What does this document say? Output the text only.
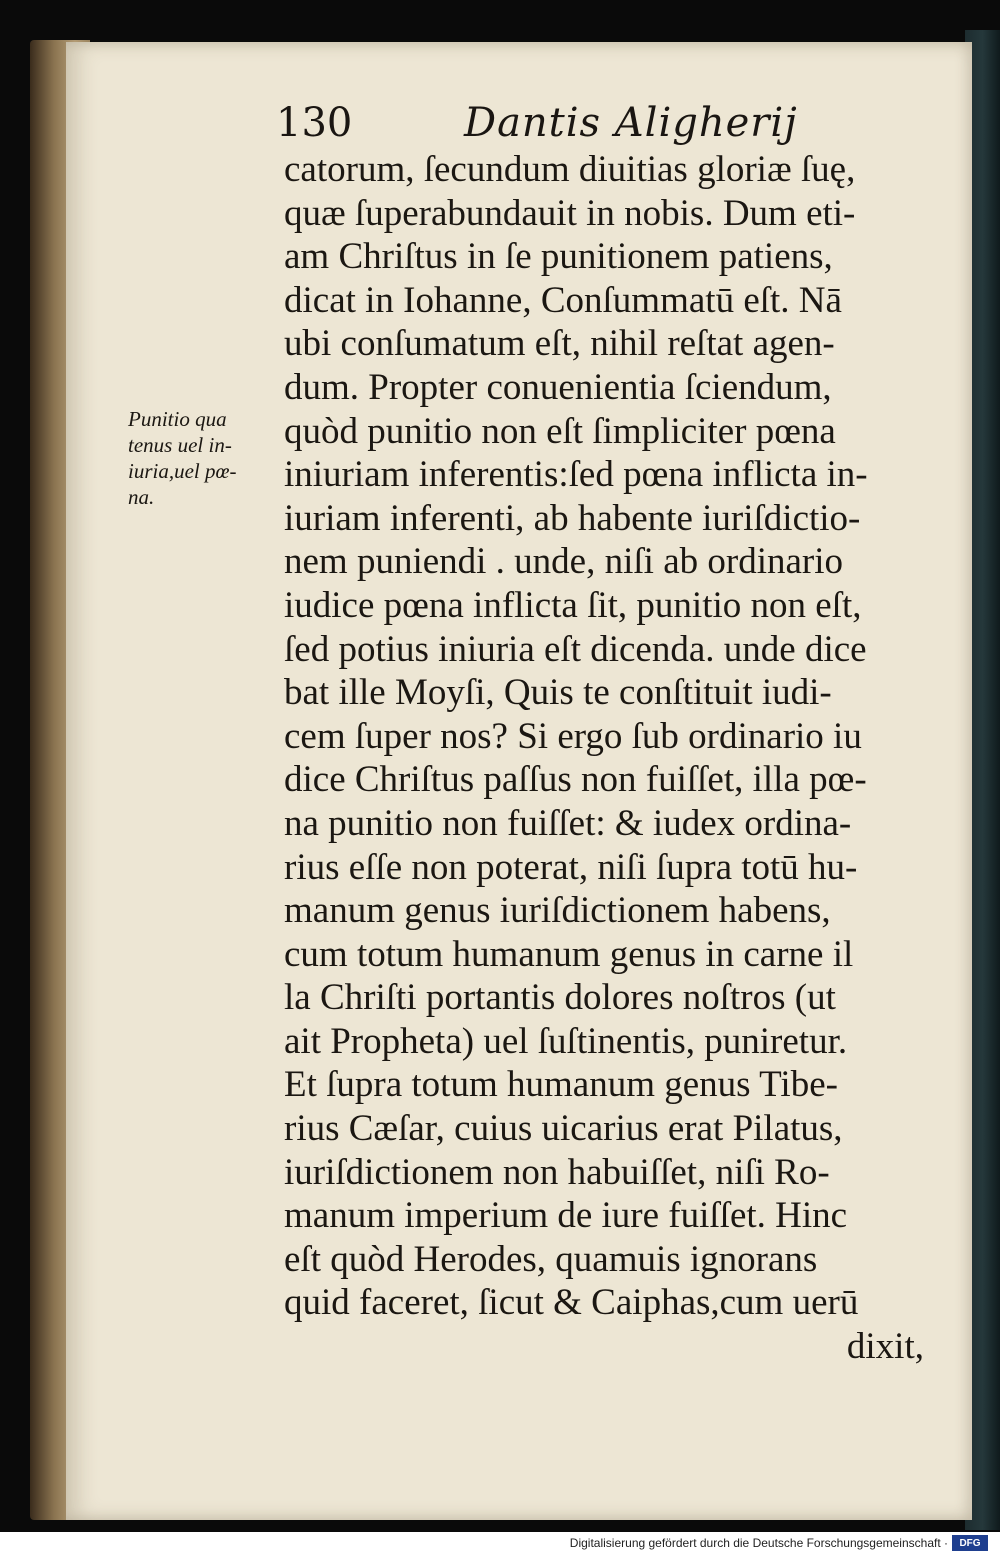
130	Dantis Aligherij
Punitio qua
tenus uel in-
iuria,uel pœ-
na.
catorum, ſecundum diuitias gloriæ ſuę,
quæ ſuperabundauit in nobis. Dum eti-
am Chriſtus in ſe punitionem patiens,
dicat in Iohanne, Conſummatū eſt. Nā
ubi conſumatum eſt, nihil reſtat agen-
dum. Propter conuenientia ſciendum,
quòd punitio non eſt ſimpliciter pœna
iniuriam inferentis:ſed pœna inflicta in-
iuriam inferenti, ab habente iuriſdictio-
nem puniendi . unde, niſi ab ordinario
iudice pœna inflicta ſit, punitio non eſt,
ſed potius iniuria eſt dicenda. unde dice
bat ille Moyſi, Quis te conſtituit iudi-
cem ſuper nos? Si ergo ſub ordinario iu
dice Chriſtus paſſus non fuiſſet, illa pœ-
na punitio non fuiſſet: & iudex ordina-
rius eſſe non poterat, niſi ſupra totū hu-
manum genus iuriſdictionem habens,
cum totum humanum genus in carne il
la Chriſti portantis dolores noſtros (ut
ait Propheta) uel ſuſtinentis, puniretur.
Et ſupra totum humanum genus Tibe-
rius Cæſar, cuius uicarius erat Pilatus,
iuriſdictionem non habuiſſet, niſi Ro-
manum imperium de iure fuiſſet. Hinc
eſt quòd Herodes, quamuis ignorans
quid faceret, ſicut & Caiphas,cum uerū
dixit,
Digitalisierung gefördert durch die Deutsche Forschungsgemeinschaft ·	DFG
